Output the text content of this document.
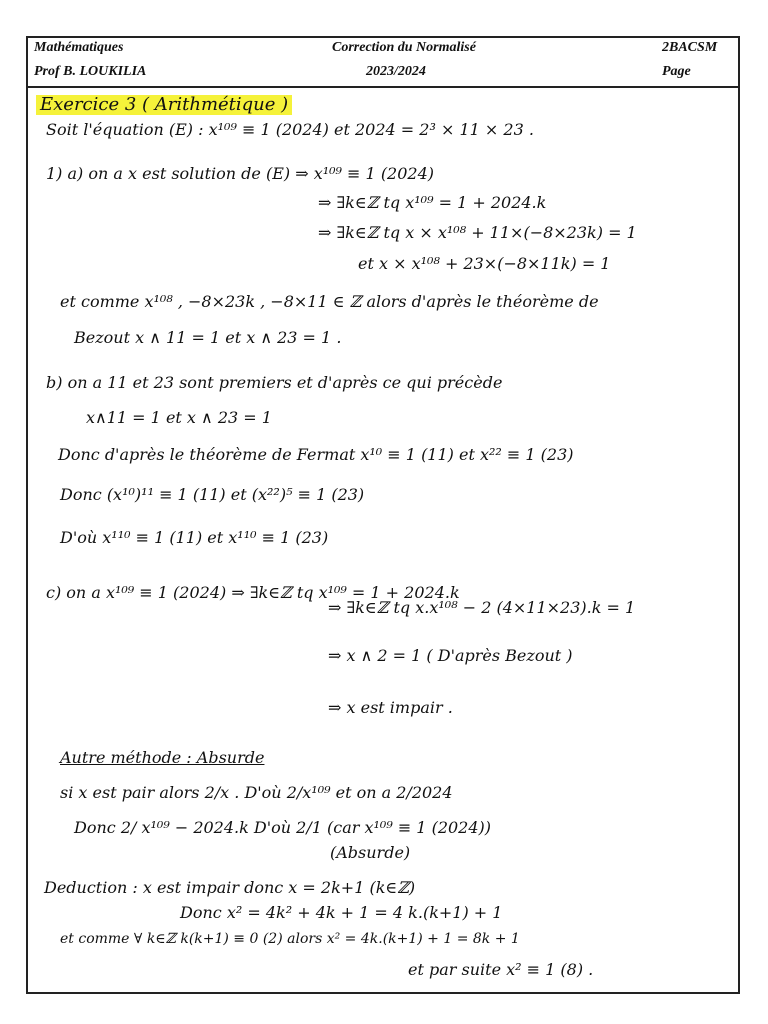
Mathématiques
Prof B. LOUKILIA
Correction du Normalisé
2023/2024
2BACSM
Page
Exercice 3 ( Arithmétique )
Soit l'équation (E) : x¹⁰⁹ ≡ 1 (2024) et 2024 = 2³ × 11 × 23 .
1) a) on a x est solution de (E) ⇒ x¹⁰⁹ ≡ 1 (2024)
⇒ ∃k∈ℤ tq x¹⁰⁹ = 1 + 2024.k
⇒ ∃k∈ℤ tq x × x¹⁰⁸ + 11×(−8×23k) = 1
et x × x¹⁰⁸ + 23×(−8×11k) = 1
et comme x¹⁰⁸ , −8×23k , −8×11 ∈ ℤ alors d'après le théorème de
Bezout x ∧ 11 = 1 et x ∧ 23 = 1 .
b) on a 11 et 23 sont premiers et d'après ce qui précède
x∧11 = 1 et x ∧ 23 = 1
Donc d'après le théorème de Fermat x¹⁰ ≡ 1 (11) et x²² ≡ 1 (23)
Donc (x¹⁰)¹¹ ≡ 1 (11) et (x²²)⁵ ≡ 1 (23)
D'où x¹¹⁰ ≡ 1 (11) et x¹¹⁰ ≡ 1 (23)
c) on a x¹⁰⁹ ≡ 1 (2024) ⇒ ∃k∈ℤ tq x¹⁰⁹ = 1 + 2024.k
⇒ ∃k∈ℤ tq x.x¹⁰⁸ − 2 (4×11×23).k = 1
⇒ x ∧ 2 = 1 ( D'après Bezout )
⇒ x est impair .
Autre méthode : Absurde
si x est pair alors 2/x . D'où 2/x¹⁰⁹ et on a 2/2024
Donc 2/ x¹⁰⁹ − 2024.k D'où 2/1 (car x¹⁰⁹ ≡ 1 (2024))
(Absurde)
Deduction : x est impair donc x = 2k+1 (k∈ℤ)
Donc x² = 4k² + 4k + 1 = 4 k.(k+1) + 1
et comme ∀ k∈ℤ k(k+1) ≡ 0 (2) alors x² = 4k.(k+1) + 1 = 8k + 1
et par suite x² ≡ 1 (8) .
